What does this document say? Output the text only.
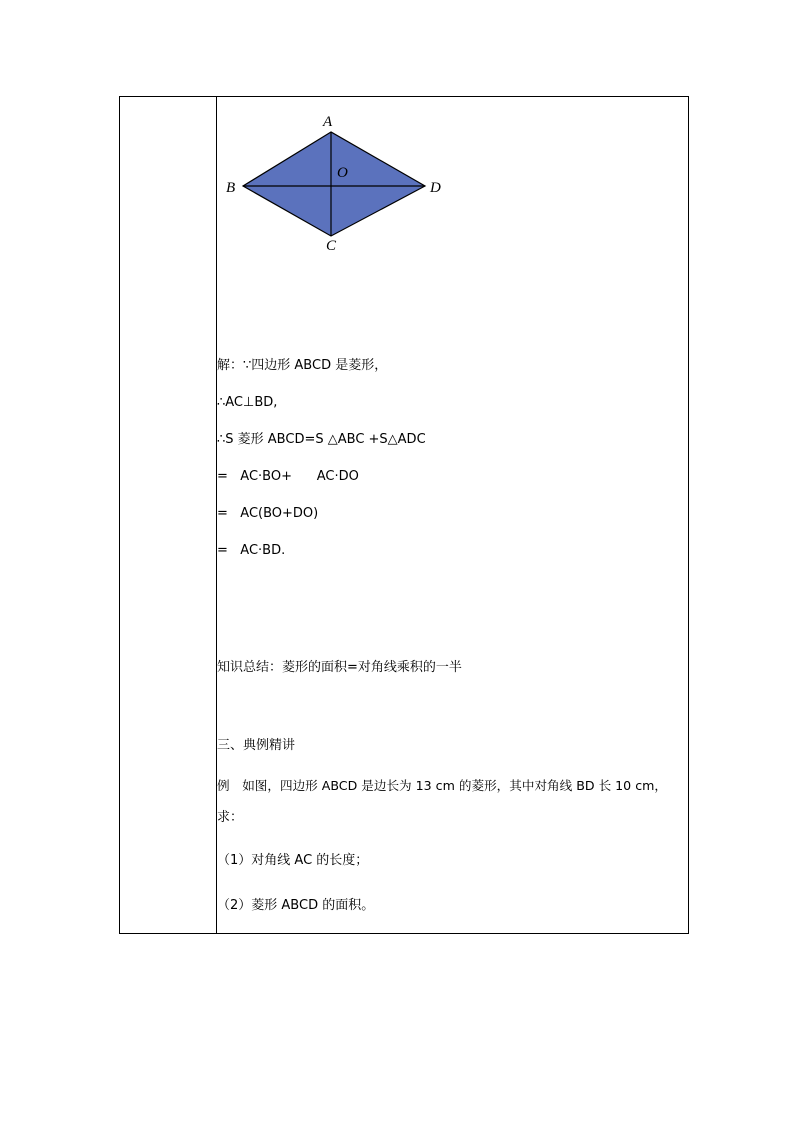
A
B
C
D
O
解：∵四边形 ABCD 是菱形，
∴AC⊥BD,
∴S 菱形 ABCD=S △ABC +S△ADC
=   AC·BO+      AC·DO
=   AC(BO+DO)
=   AC·BD.
知识总结：菱形的面积=对角线乘积的一半
三、典例精讲
例　如图，四边形 ABCD 是边长为 13 cm 的菱形，其中对角线 BD 长 10 cm，
求：
（1）对角线 AC 的长度；
（2）菱形 ABCD 的面积。
